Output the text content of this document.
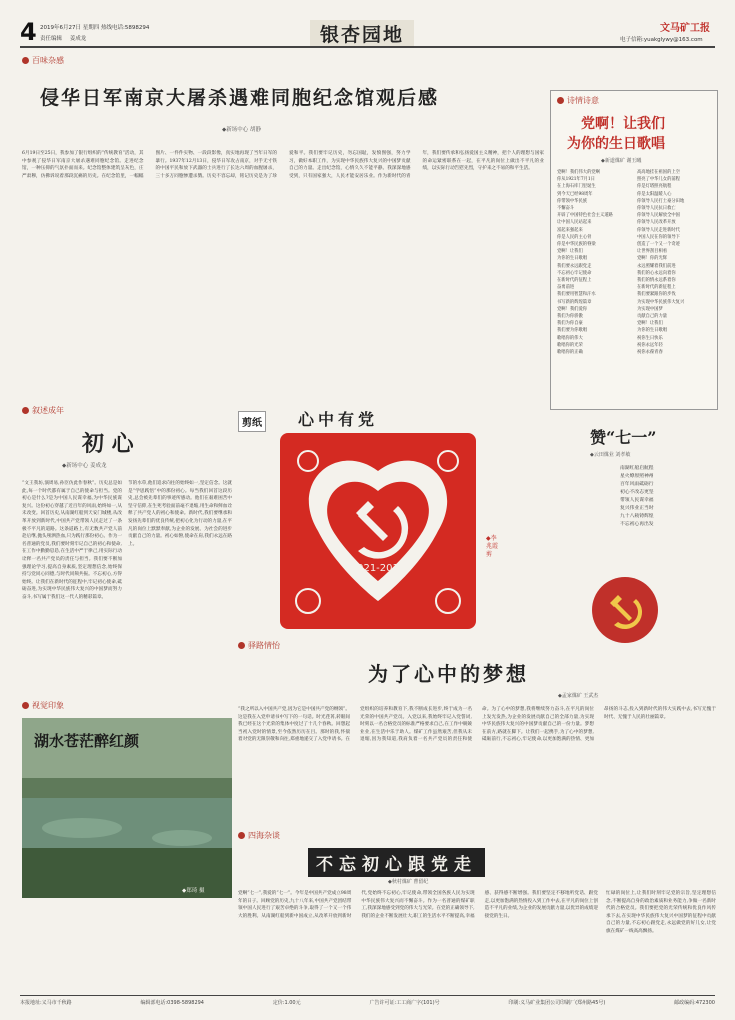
4 2019年6月27日 星期四 热线电话:5898294
责任编辑 姜成龙	银杏园地	文马矿工报
电子信箱:yuakglywy@163.com
百味杂感
侵华日军南京大屠杀遇难同胞纪念馆观后感
◆新场中心 胡静
6月19日至25日，我参加了银行组织的“传统教育”活动，其中参观了侵华日军南京大屠杀遇难同胞纪念馆。走进纪念馆，一种压抑的气氛扑面而来。纪念馆整体建筑呈灰色，庄严肃穆，仿佛诉说着那段沉痛的历史。在纪念馆里，一幅幅图片、一件件实物、一段段影像，真实地再现了当年日军的暴行。1937年12月13日，侵华日军攻占南京，对手无寸铁的中国平民和放下武器的士兵进行了长达六周的血腥屠杀，三十多万同胞惨遭杀戮。历史不容忘却，铭记历史是为了珍爱和平。我们要牢记历史，勿忘国耻，发愤图强，努力学习，做好本职工作，为实现中华民族伟大复兴的中国梦贡献自己的力量。走出纪念馆，心情久久不能平静。我深深地感受到，只有国家强大，人民才能安居乐业。作为新时代的青年，我们要传承和弘扬爱国主义精神，把个人的理想与国家的命运紧密联系在一起，在平凡的岗位上做出不平凡的业绩，以实际行动告慰先烈，守护来之不易的和平生活。
诗情诗意
党啊！让我们
为你的生日歌唱
◆新道煤矿 谢玉曦
党啊！我们伟大的党啊
你从1921年7月1日
在上海石库门里诞生
到今天已经98周年
你带领中华民族
不懈奋斗
开辟了中国特色社会主义道路
让中国人民站起来
富起来强起来
你是人民的主心骨
你是中华民族的脊梁
党啊！让我们
为你的生日歌唱
我们要永远跟党走
不忘初心牢记使命
在新时代的征程上
奋勇前进
我们要用智慧和汗水
书写新的辉煌篇章
党啊！我们爱你
我们为你骄傲
我们为你自豪
我们要为你歌唱
歌唱你的伟大
歌唱你的光荣
歌唱你的正确
高高地挂在祖国的上空
照亮了中华儿女的前程
你是灯塔照亮航程
你是太阳温暖人心
你领导人民打土豪分田地
你领导人民抗日救亡
你领导人民解放全中国
你领导人民改革开放
你领导人民走进新时代
中国人民在你的领导下
创造了一个又一个奇迹
让世界刮目相看
党啊！你的光辉
永远照耀着我们前进
我们的心永远向着你
我们的情永远系着你
在新时代的新征程上
我们要紧跟你的步伐
为实现中华民族伟大复兴
为实现中国梦
贡献自己的力量
党啊！让我们
为你的生日歌唱
祝你生日快乐
祝你永远年轻
祝你永葆青春
叙述成年
初 心
◆新场中心 姜成龙
“文王我坊,演周易,孙臣仿此作春秋”。历史总是如此,每一个时代都有属于自己的使命与担当。党的初心是什么?是为中国人民谋幸福,为中华民族谋复兴。这份初心穿越了近百年的风雨,始终如一,从未改变。回首历史,从南湖红船到天安门城楼,从改革开放到新时代,中国共产党带领人民走过了一条极不平凡的道路。这条道路上,有无数共产党人前赴后继,抛头颅洒热血,只为践行那份初心。作为一名普通的党员,我们要时刻牢记自己的初心和使命,在工作中勤勤恳恳,在生活中严于律己,用实际行动诠释一名共产党员的责任与担当。我们要不断加强理论学习,提高自身素质,坚定理想信念,始终保持与党同心同德,与时代同频共振。不忘初心,方得始终。让我们在新时代的征程中,牢记初心使命,砥砺奋进,为实现中华民族伟大复兴的中国梦而努力奋斗,书写属于我们这一代人的精彩篇章。
节的水草,他们追求向往的始终如一,坚定信念。这就是“学思践悟”中的那份初心。每当我们回首这段历史,总会被先辈们的事迹所感动。他们在艰难困苦中坚守信仰,在生死考验面前毫不退缩,用生命和鲜血诠释了共产党人的初心和使命。新时代,我们要继承和发扬先辈们的优良传统,把初心化为行动的力量,在平凡的岗位上默默奉献,为企业的发展、为社会的进步贡献自己的力量。初心如磐,使命在肩,我们永远在路上。
剪纸 心中有党
1921-2019
◆李兆霞 剪
驿路情怡
为了心中的梦想
◆孟家煤矿 王武杰
“我之所以入中国共产党,因为它是中国共产党的纲领”。这是我在入党申请书中写下的一句话。时光荏苒,转眼间我已经在这个光荣的集体中度过了十几个春秋。回想起当初入党时的情景,至今依然历历在目。那时的我,怀揣着对党的无限崇敬和向往,郑重地递交了入党申请书。在党组织的培养和教育下,我不断成长进步,终于成为一名光荣的中国共产党员。入党以来,我始终牢记入党誓词,时刻以一名合格党员的标准严格要求自己,在工作中兢兢业业,在生活中乐于助人。煤矿工作虽然艰苦,但我从未退缩,因为我知道,我肩负着一名共产党员的责任和使命。为了心中的梦想,我将继续努力奋斗,在平凡的岗位上发光发热,为企业的发展贡献自己的全部力量,为实现中华民族伟大复兴的中国梦贡献自己的一份力量。梦想在前方,路就在脚下。让我们一起携手,为了心中的梦想,砥砺前行,不忘初心,牢记使命,以更加饱满的热情、更加昂扬的斗志,投入到新时代的伟大实践中去,书写无愧于时代、无愧于人民的壮丽篇章。
赞“七一”
◆云田煤业 刘孝敏
南湖红船启航程
星火燎原照神州
百年风雨砥砺行
初心不改志更坚
带领人民谋幸福
复兴伟业正当时
九十八载铸辉煌
不忘初心再出发
视觉印象
湖水苍茫醉红颜
◆郑琦 摄
四海杂谈
不忘初心跟党走
◆秋村煤矿 曹留纪
党啊“七一”,我爱的“七一”。今年是中国共产党成立98周年的日子。回顾党的历史,九十八年来,中国共产党团结带领中国人民进行了艰苦卓绝的斗争,取得了一个又一个伟大的胜利。从南湖红船到新中国成立,从改革开放到新时代,党始终不忘初心,牢记使命,带领全国各族人民为实现中华民族伟大复兴而不懈奋斗。作为一名普通的煤矿职工,我深深地感受到党的伟大与光荣。在党的正确领导下,我们的企业不断发展壮大,职工的生活水平不断提高,幸福感、获得感不断增强。我们要坚定不移地听党话、跟党走,以更加饱满的热情投入到工作中去,在平凡的岗位上创造不平凡的业绩,为企业的发展贡献力量,以优异的成绩迎接党的生日。
忙碌的岗位上,让我们时刻牢记党的宗旨,坚定理想信念,不断提高自身的政治素质和业务能力,争做一名新时代的合格党员。我们要把党的光荣传统和优良作风传承下去,在实现中华民族伟大复兴中国梦的征程中贡献自己的力量,不忘初心跟党走,永远做党的好儿女,让党旗在煤矿一线高高飘扬。
本报地址:义马市千秋路	编辑部电话:0398-5898294	定价:1.00元	广告许可证:工工商广字(101)号	印刷:义马矿业集团公司印刷厂(郑州路45号)	邮政编码:472300
